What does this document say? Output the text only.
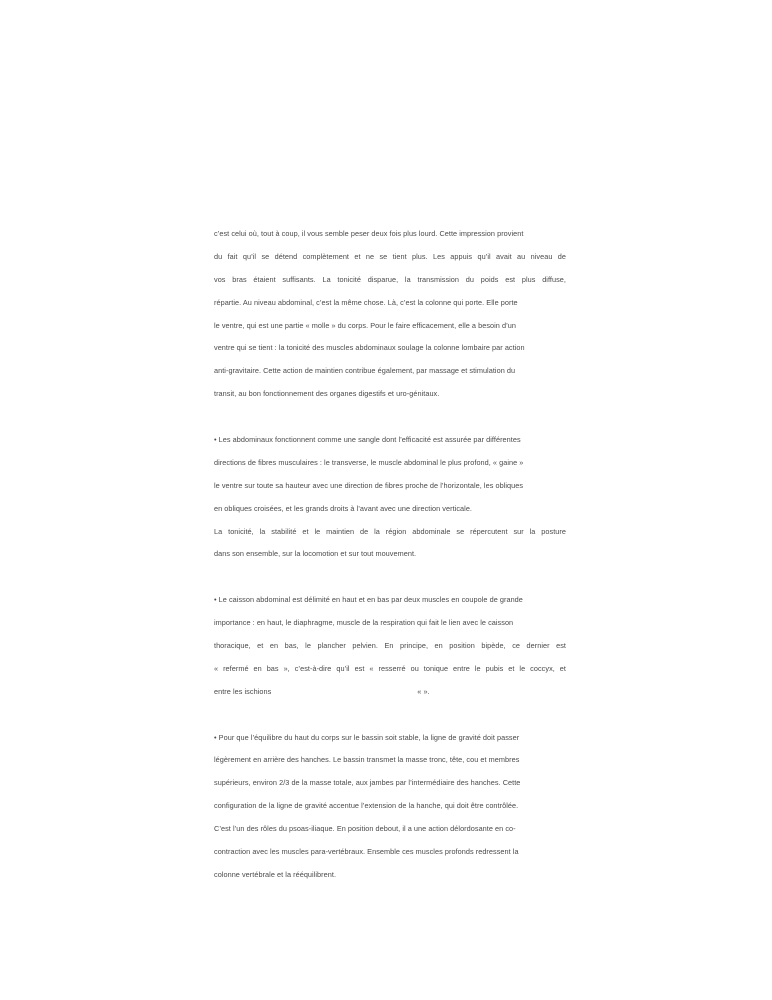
c’est celui où, tout à coup, il vous semble peser deux fois plus lourd. Cette impression provient
du fait qu’il se détend complètement et ne se tient plus. Les appuis qu’il avait au niveau de
vos bras étaient suffisants. La tonicité disparue, la transmission du poids est plus diffuse,
répartie. Au niveau abdominal, c’est la même chose. Là, c’est la colonne qui porte. Elle porte
le ventre, qui est une partie « molle » du corps. Pour le faire efficacement, elle a besoin d’un
ventre qui se tient : la tonicité des muscles abdominaux soulage la colonne lombaire par action
anti-gravitaire. Cette action de maintien contribue également, par massage et stimulation du
transit, au bon fonctionnement des organes digestifs et uro-génitaux.
• Les abdominaux fonctionnent comme une sangle dont l’efficacité est assurée par différentes
directions de fibres musculaires : le transverse, le muscle abdominal le plus profond, « gaine »
le ventre sur toute sa hauteur avec une direction de fibres proche de l’horizontale, les obliques
en obliques croisées, et les grands droits à l’avant avec une direction verticale.
La tonicité, la stabilité et le maintien de la région abdominale se répercutent sur la posture
dans son ensemble, sur la locomotion et sur tout mouvement.
• Le caisson abdominal est délimité en haut et en bas par deux muscles en coupole de grande
importance : en haut, le diaphragme, muscle de la respiration qui fait le lien avec le caisson
thoracique, et en bas, le plancher pelvien. En principe, en position bipède, ce dernier est
« refermé en bas », c’est-à-dire qu’il est « resserré ou tonique entre le pubis et le coccyx, et
entre les ischions	« ».
• Pour que l’équilibre du haut du corps sur le bassin soit stable, la ligne de gravité doit passer
légèrement en arrière des hanches. Le bassin transmet la masse tronc, tête, cou et membres
supérieurs, environ 2/3 de la masse totale, aux jambes par l’intermédiaire des hanches. Cette
configuration de la ligne de gravité accentue l’extension de la hanche, qui doit être contrôlée.
C’est l’un des rôles du psoas-iliaque. En position debout, il a une action délordosante en co-
contraction avec les muscles para-vertébraux. Ensemble ces muscles profonds redressent la
colonne vertébrale et la rééquilibrent.
